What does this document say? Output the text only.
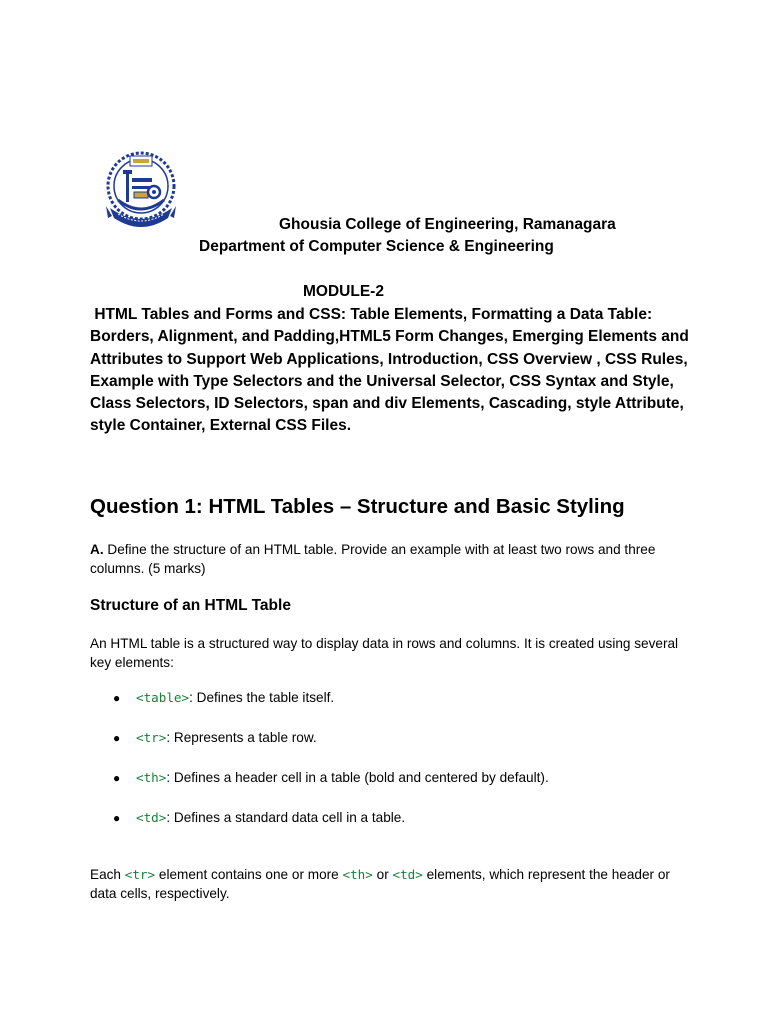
Ghousia College of Engineering, Ramanagara
Department of Computer Science & Engineering
MODULE-2
HTML Tables and Forms and CSS: Table Elements, Formatting a Data Table: Borders, Alignment, and Padding,HTML5 Form Changes, Emerging Elements and Attributes to Support Web Applications, Introduction, CSS Overview , CSS Rules, Example with Type Selectors and the Universal Selector, CSS Syntax and Style, Class Selectors, ID Selectors, span and div Elements, Cascading, style Attribute, style Container, External CSS Files.
Question 1: HTML Tables – Structure and Basic Styling
A. Define the structure of an HTML table. Provide an example with at least two rows and three columns. (5 marks)
Structure of an HTML Table
An HTML table is a structured way to display data in rows and columns. It is created using several key elements:
● <table>: Defines the table itself.
● <tr>: Represents a table row.
● <th>: Defines a header cell in a table (bold and centered by default).
● <td>: Defines a standard data cell in a table.
Each <tr> element contains one or more <th> or <td> elements, which represent the header or data cells, respectively.
